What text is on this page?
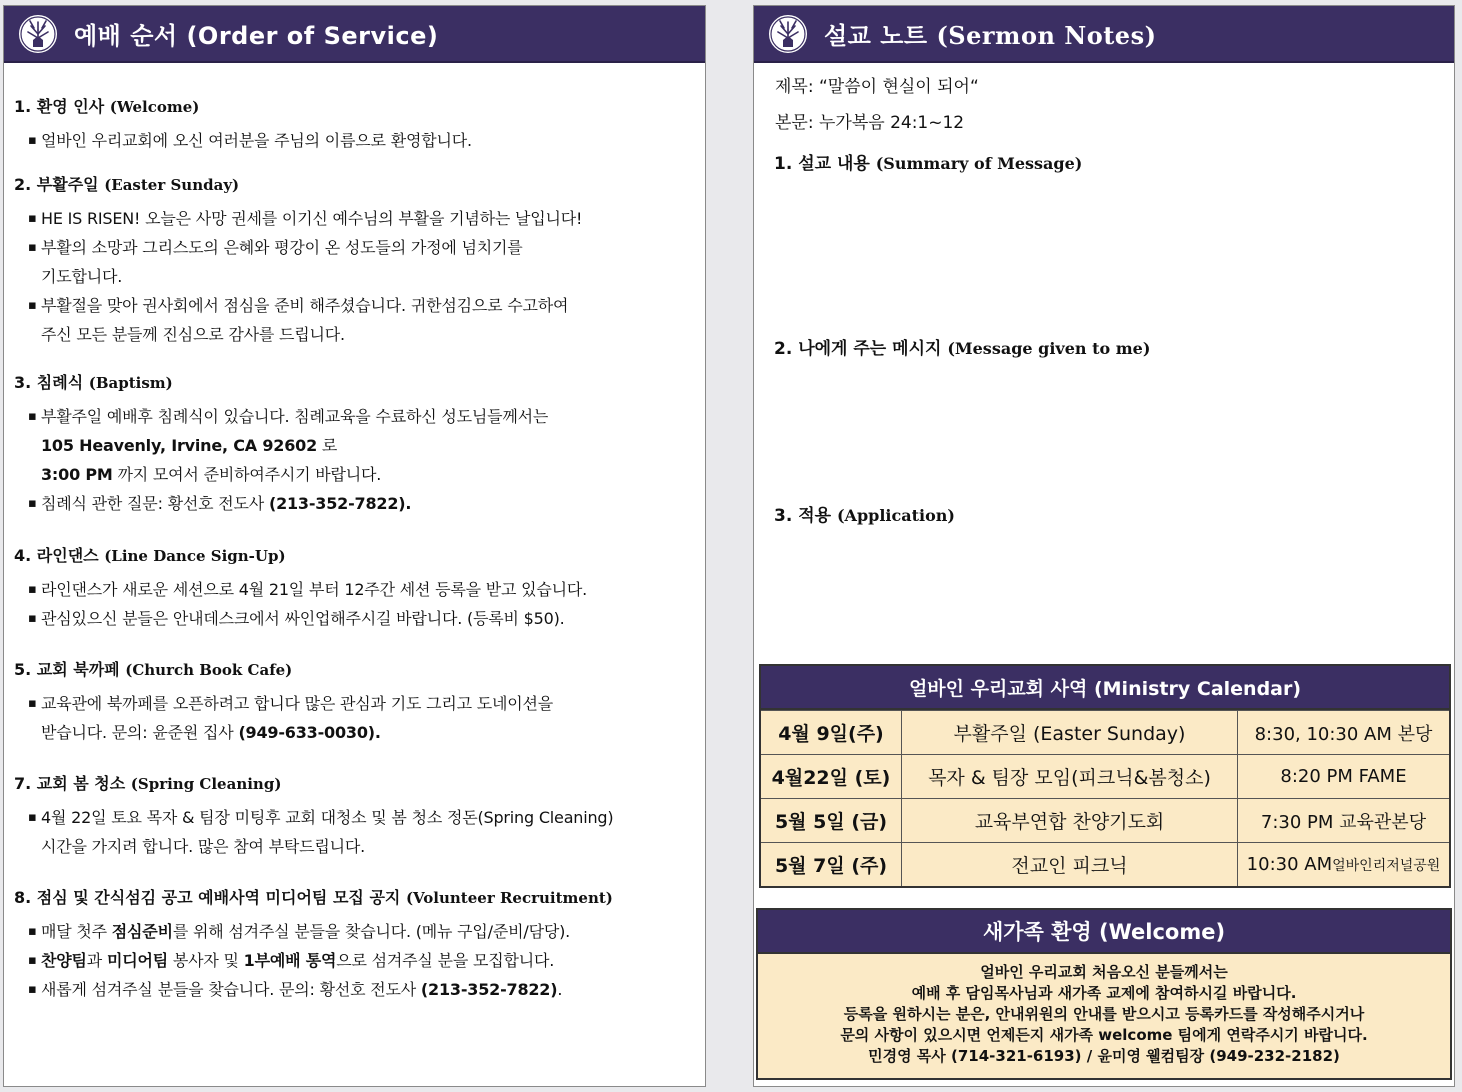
예배 순서 (Order of Service)
1. 환영 인사 (Welcome)
▪ 얼바인 우리교회에 오신 여러분을 주님의 이름으로 환영합니다.
2. 부활주일 (Easter Sunday)
▪ HE IS RISEN! 오늘은 사망 권세를 이기신 예수님의 부활을 기념하는 날입니다!
▪ 부활의 소망과 그리스도의 은혜와 평강이 온 성도들의 가정에 넘치기를
기도합니다.
▪ 부활절을 맞아 권사회에서 점심을 준비 해주셨습니다. 귀한섬김으로 수고하여
주신 모든 분들께 진심으로 감사를 드립니다.
3. 침례식 (Baptism)
▪ 부활주일 예배후 침례식이 있습니다. 침례교육을 수료하신 성도님들께서는
105 Heavenly, Irvine, CA 92602 로
3:00 PM 까지 모여서 준비하여주시기 바랍니다.
▪ 침례식 관한 질문: 황선호 전도사 (213-352-7822).
4. 라인댄스 (Line Dance Sign-Up)
▪ 라인댄스가 새로운 세션으로 4월 21일 부터 12주간 세션 등록을 받고 있습니다.
▪ 관심있으신 분들은 안내데스크에서 싸인업해주시길 바랍니다. (등록비 $50).
5. 교회 북까페 (Church Book Cafe)
▪ 교육관에 북까페를 오픈하려고 합니다 많은 관심과 기도 그리고 도네이션을
받습니다. 문의: 윤준원 집사 (949-633-0030).
7. 교회 봄 청소 (Spring Cleaning)
▪ 4월 22일 토요 목자 & 팀장 미팅후 교회 대청소 및 봄 청소 정돈(Spring Cleaning)
시간을 가지려 합니다. 많은 참여 부탁드립니다.
8. 점심 및 간식섬김 공고 예배사역 미디어팀 모집 공지 (Volunteer Recruitment)
▪ 매달 첫주 점심준비를 위해 섬겨주실 분들을 찾습니다. (메뉴 구입/준비/담당).
▪ 찬양팀과 미디어팀 봉사자 및 1부예배 통역으로 섬겨주실 분을 모집합니다.
▪ 새롭게 섬겨주실 분들을 찾습니다. 문의: 황선호 전도사 (213-352-7822).
설교 노트 (Sermon Notes)
제목: “말씀이 현실이 되어“
본문: 누가복음 24:1~12
1. 설교 내용 (Summary of Message)
2. 나에게 주는 메시지 (Message given to me)
3. 적용 (Application)
얼바인 우리교회 사역 (Ministry Calendar)
4월 9일(주)	부활주일 (Easter Sunday)	8:30, 10:30 AM 본당
4월22일 (토)	목자 & 팀장 모임(피크닉&봄청소)	8:20 PM FAME
5월 5일 (금)	교육부연합 찬양기도회	7:30 PM 교육관본당
5월 7일 (주)	전교인 피크닉	10:30 AM 얼바인리저널공원
새가족 환영 (Welcome)
얼바인 우리교회 처음오신 분들께서는
예배 후 담임목사님과 새가족 교제에 참여하시길 바랍니다.
등록을 원하시는 분은, 안내위원의 안내를 받으시고 등록카드를 작성해주시거나
문의 사항이 있으시면 언제든지 새가족 welcome 팀에게 연락주시기 바랍니다.
민경영 목사 (714-321-6193) / 윤미영 웰컴팀장 (949-232-2182)
